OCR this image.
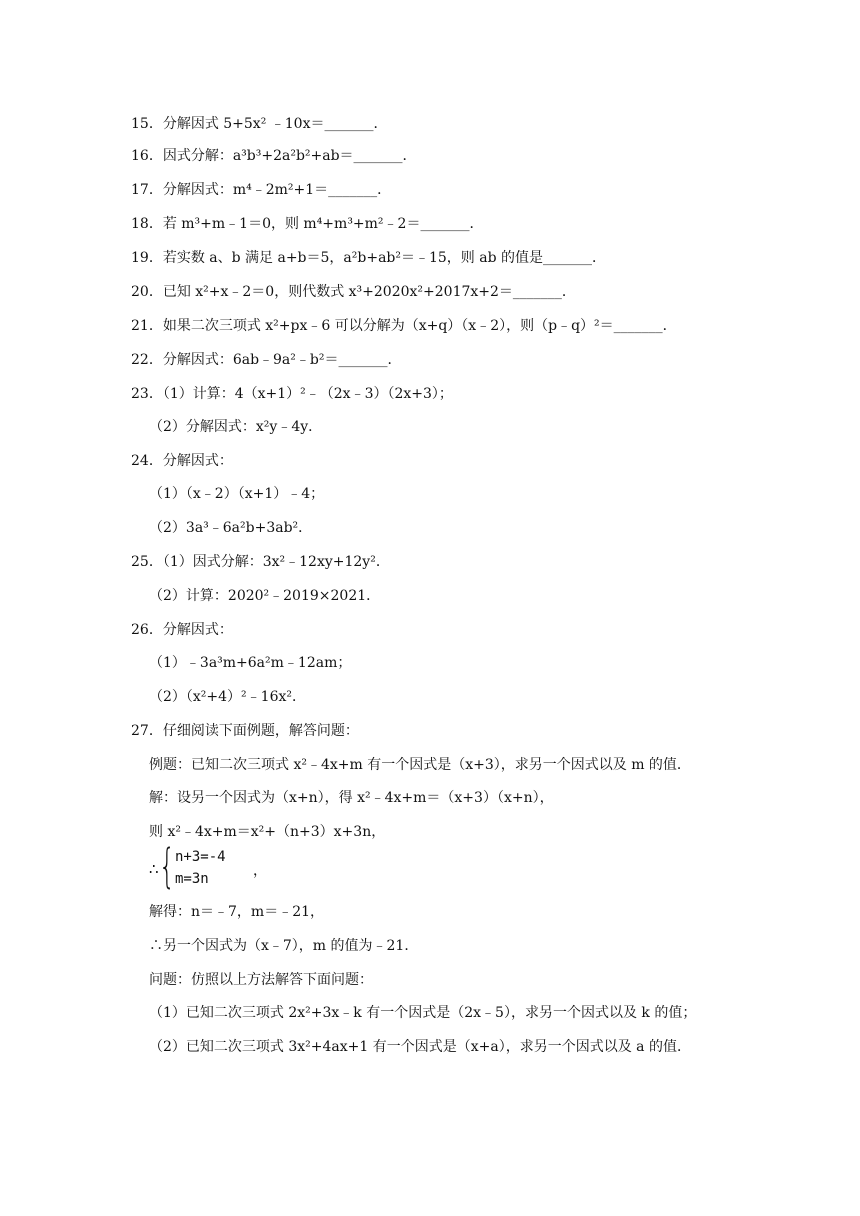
15．分解因式 5+5x² ﹣10x＝_______．
16．因式分解：a³b³+2a²b²+ab＝_______．
17．分解因式：m⁴﹣2m²+1＝_______．
18．若 m³+m﹣1＝0，则 m⁴+m³+m²﹣2＝_______．
19．若实数 a、b 满足 a+b＝5，a²b+ab²＝﹣15，则 ab 的值是_______．
20．已知 x²+x﹣2＝0，则代数式 x³+2020x²+2017x+2＝_______．
21．如果二次三项式 x²+px﹣6 可以分解为（x+q）（x﹣2），则（p﹣q）²＝_______．
22．分解因式：6ab﹣9a²﹣b²＝_______．
23．（1）计算：4（x+1）²﹣（2x﹣3）（2x+3）；
（2）分解因式：x²y﹣4y．
24．分解因式：
（1）（x﹣2）（x+1）﹣4；
（2）3a³﹣6a²b+3ab²．
25．（1）因式分解：3x²﹣12xy+12y²．
（2）计算：2020²﹣2019×2021．
26．分解因式：
（1）﹣3a³m+6a²m﹣12am；
（2）（x²+4）²﹣16x²．
27．仔细阅读下面例题，解答问题：
例题：已知二次三项式 x²﹣4x+m 有一个因式是（x+3），求另一个因式以及 m 的值．
解：设另一个因式为（x+n），得 x²﹣4x+m＝（x+3）（x+n），
则 x²﹣4x+m＝x²+（n+3）x+3n，
∴ { n+3=-4
m=3n	，
解得：n＝﹣7，m＝﹣21，
∴另一个因式为（x﹣7），m 的值为﹣21．
问题：仿照以上方法解答下面问题：
（1）已知二次三项式 2x²+3x﹣k 有一个因式是（2x﹣5），求另一个因式以及 k 的值；
（2）已知二次三项式 3x²+4ax+1 有一个因式是（x+a），求另一个因式以及 a 的值．
